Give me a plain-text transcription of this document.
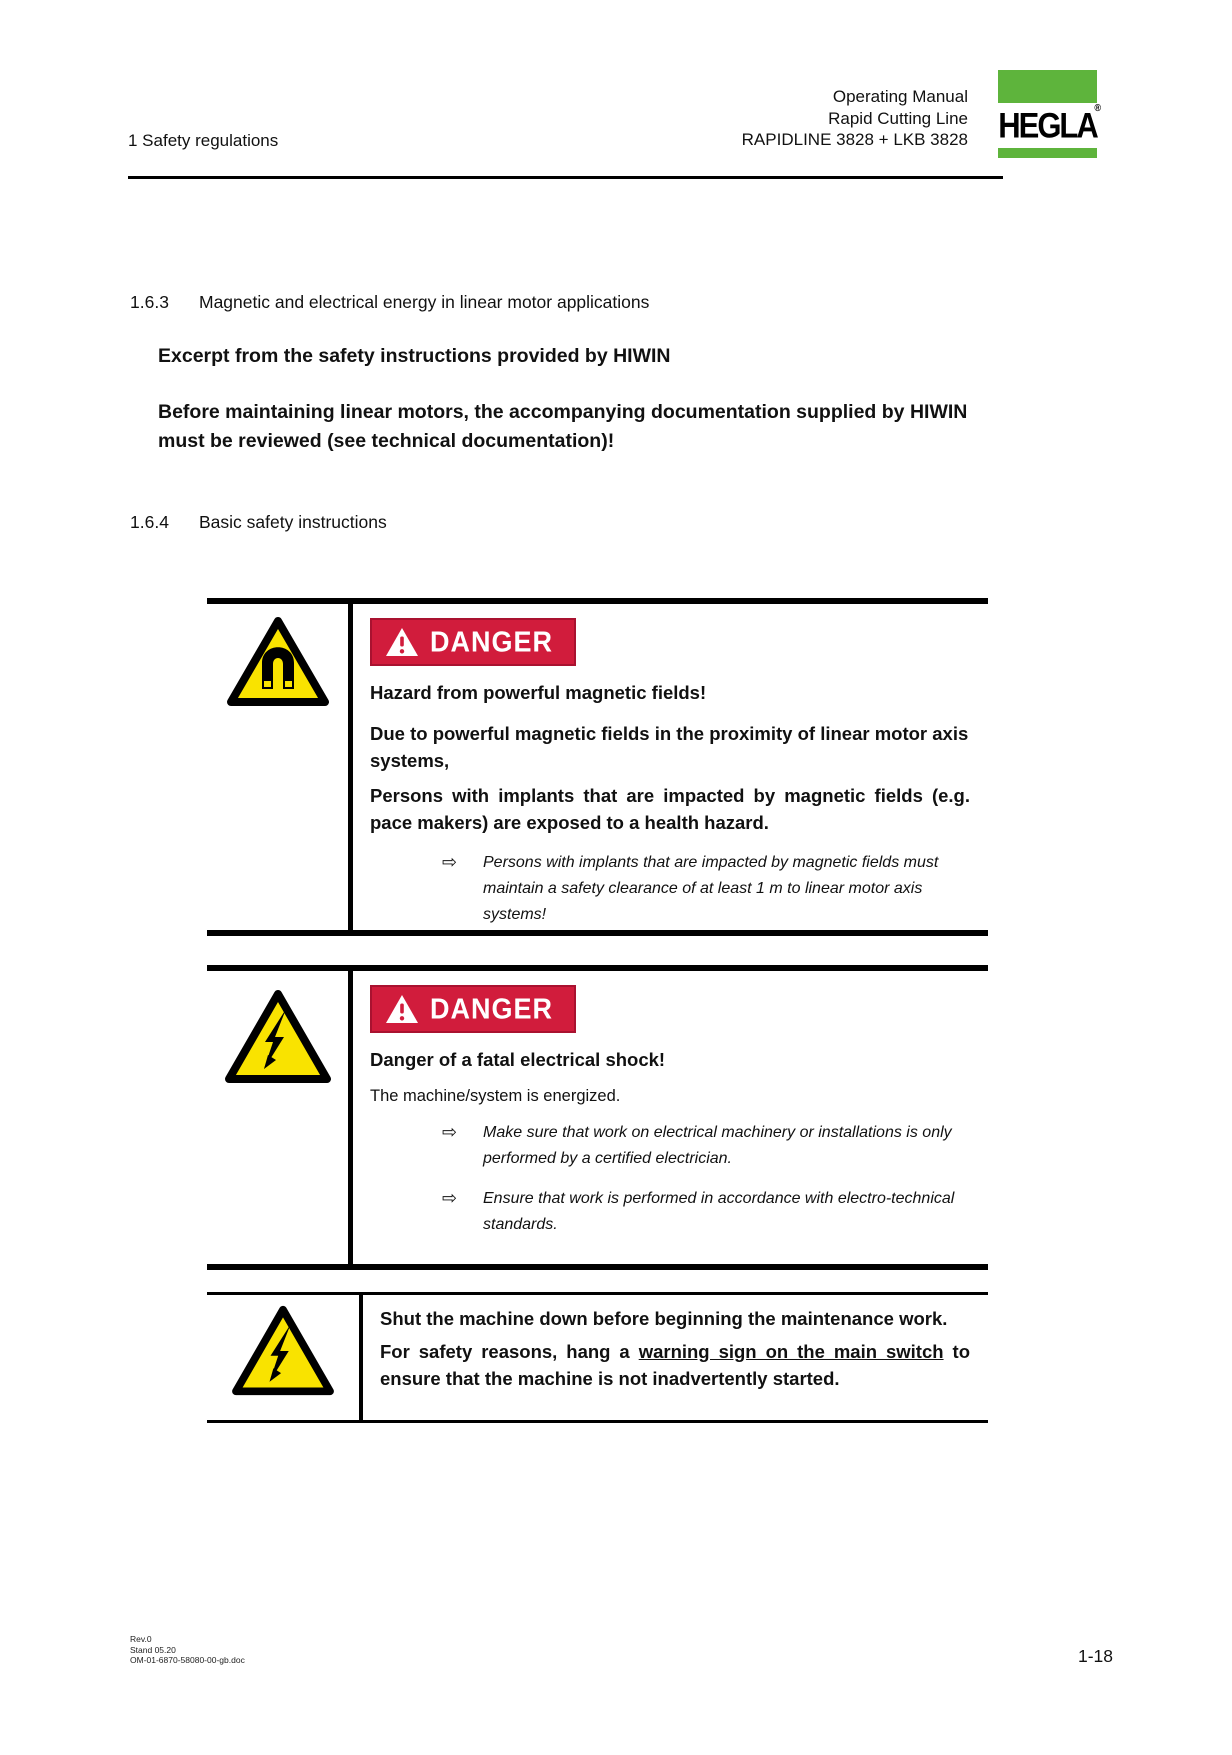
1 Safety regulations
Operating Manual
Rapid Cutting Line
RAPIDLINE 3828 + LKB 3828 HEGLA
®
1.6.3	Magnetic and electrical energy in linear motor applications
Excerpt from the safety instructions provided by HIWIN
Before maintaining linear motors, the accompanying documentation supplied by HIWIN must be reviewed (see technical documentation)!
1.6.4	Basic safety instructions
DANGER

Hazard from powerful magnetic fields!

Due to powerful magnetic fields in the proximity of linear motor axis systems,

Persons with implants that are impacted by magnetic fields (e.g. pace makers) are exposed to a health hazard.

⇨	Persons with implants that are impacted by magnetic fields must maintain a safety clearance of at least 1 m to linear motor axis systems!
DANGER

Danger of a fatal electrical shock!

The machine/system is energized.

⇨	Make sure that work on electrical machinery or installations is only performed by a certified electrician.
⇨	Ensure that work is performed in accordance with electro-technical standards.

Shut the machine down before beginning the maintenance work.

For safety reasons, hang a warning sign on the main switch to ensure that the machine is not inadvertently started.

Rev.0
Stand 05.20
OM-01-6870-58080-00-gb.doc	1-18
